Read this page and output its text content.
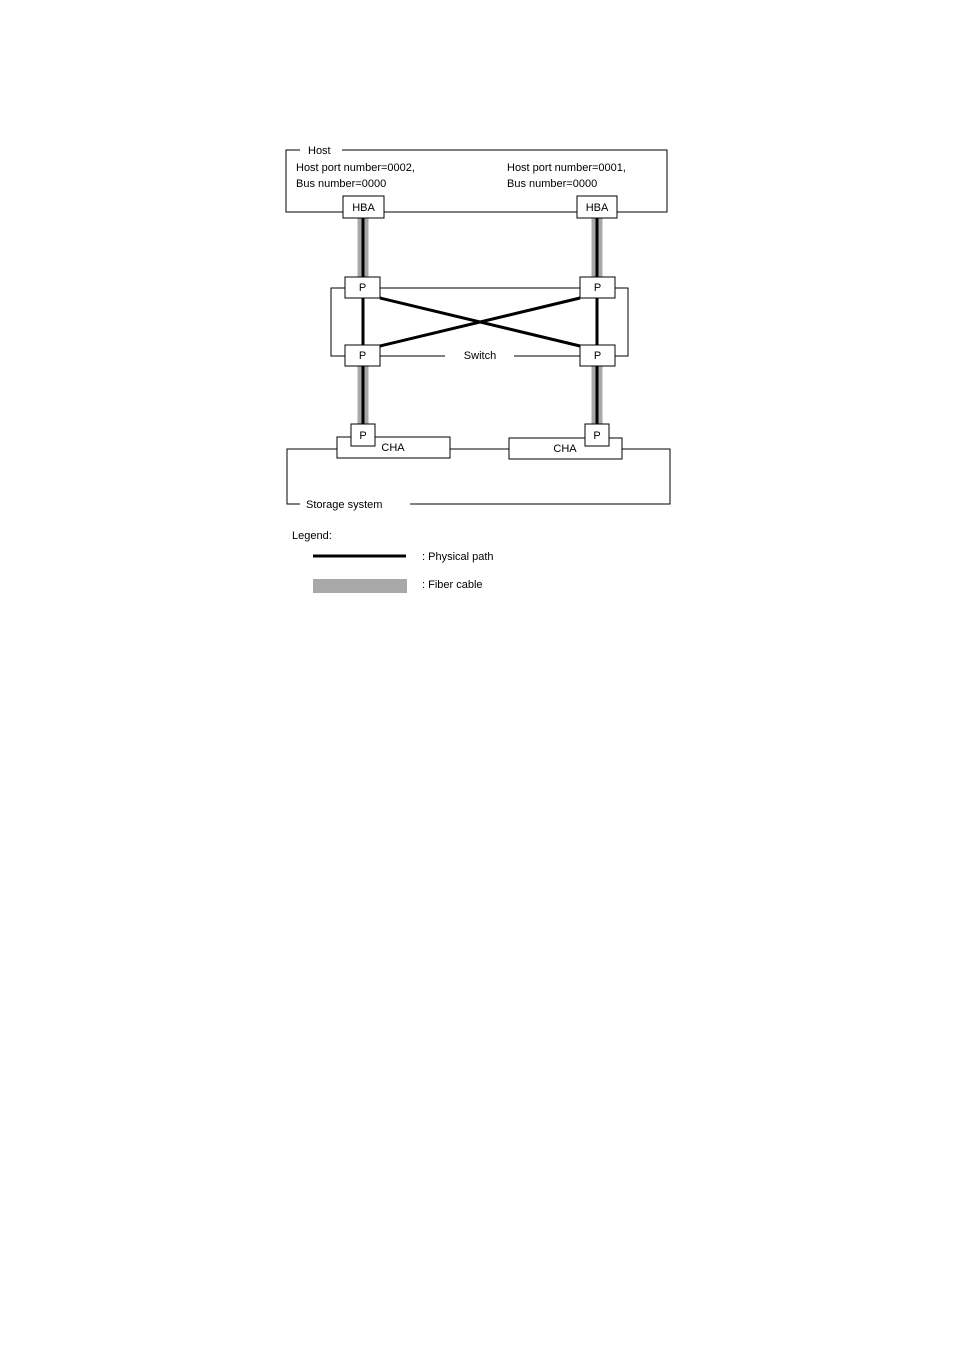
Host
Host port number=0002,
Bus number=0000
Host port number=0001,
Bus number=0000
HBA	HBA
Switch
P	P
P	P
Storage system
CHA	CHA
P	P
Legend:
: Physical path
: Fiber cable
